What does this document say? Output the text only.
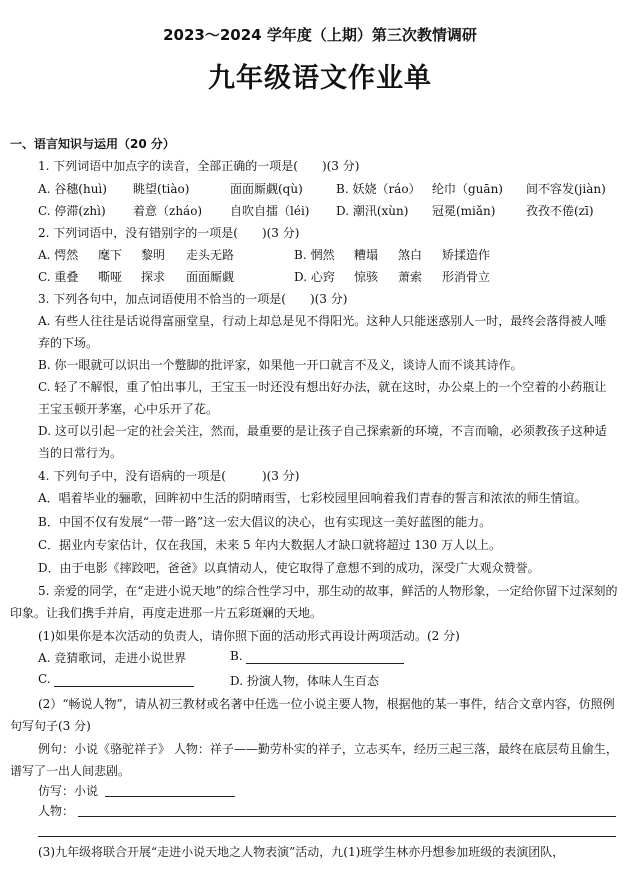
2023～2024 学年度（上期）第三次教情调研
九年级语文作业单
一、语言知识与运用（20 分）
1. 下列词语中加点字的读音，全部正确的一项是(　　)(3 分)
A. 谷穗(huì) 眺望(tiào)	面面厮觑(qù)	B. 妖娆（ráo） 纶巾（guān) 间不容发(jiàn)
C. 停滞(zhì) 着意（zháo) 自吹自擂（léi) D. 潮汛(xùn) 冠冕(miǎn)	孜孜不倦(zī)
2. 下列词语中，没有错别字的一项是(　　)(3 分)
A. 愕然 麾下 黎明 走头无路	B. 惘然 糟塌 煞白 矫揉造作
C. 重叠 嘶哑 探求 面面厮觑	D. 心窍 惊骇 萧索 形消骨立
3. 下列各句中，加点词语使用不恰当的一项是(　　)(3 分)
A. 有些人往往是话说得富丽堂皇，行动上却总是见不得阳光。这种人只能迷惑别人一时，最终会落得被人唾弃的下场。
B. 你一眼就可以识出一个蹩脚的批评家，如果他一开口就言不及义，谈诗人而不谈其诗作。
C. 轻了不解恨，重了怕出事儿，王宝玉一时还没有想出好办法，就在这时，办公桌上的一个空着的小药瓶让王宝玉顿开茅塞，心中乐开了花。
D. 这可以引起一定的社会关注，然而，最重要的是让孩子自己探索新的环境，不言而喻，必须教孩子这种适当的日常行为。
4. 下列句子中，没有语病的一项是(　　　)(3 分)
A．唱着毕业的骊歌，回眸初中生活的阴晴雨雪，七彩校园里回响着我们青春的誓言和浓浓的师生情谊。
B．中国不仅有发展“一带一路”这一宏大倡议的决心，也有实现这一美好蓝图的能力。
C．据业内专家估计，仅在我国，未来 5 年内大数据人才缺口就将超过 130 万人以上。
D．由于电影《摔跤吧，爸爸》以真情动人，使它取得了意想不到的成功，深受广大观众赞誉。
5. 亲爱的同学，在“走进小说天地”的综合性学习中，那生动的故事，鲜活的人物形象，一定给你留下过深刻的印象。让我们携手并肩，再度走进那一片五彩斑斓的天地。
(1)如果你是本次活动的负责人，请你照下面的活动形式再设计两项活动。(2 分)
A. 竞猜歌词，走进小说世界	B.
C.	D. 扮演人物，体味人生百态
(2）“畅说人物”，请从初三教材或名著中任选一位小说主要人物，根据他的某一事件，结合文章内容，仿照例句写句子(3 分)
例句：小说《骆驼祥子》 人物：祥子——勤劳朴实的祥子，立志买车，经历三起三落，最终在底层苟且偷生，谱写了一出人间悲剧。
仿写：小说
人物：
(3)九年级将联合开展“走进小说天地之人物表演”活动，九(1)班学生林亦丹想参加班级的表演团队，
